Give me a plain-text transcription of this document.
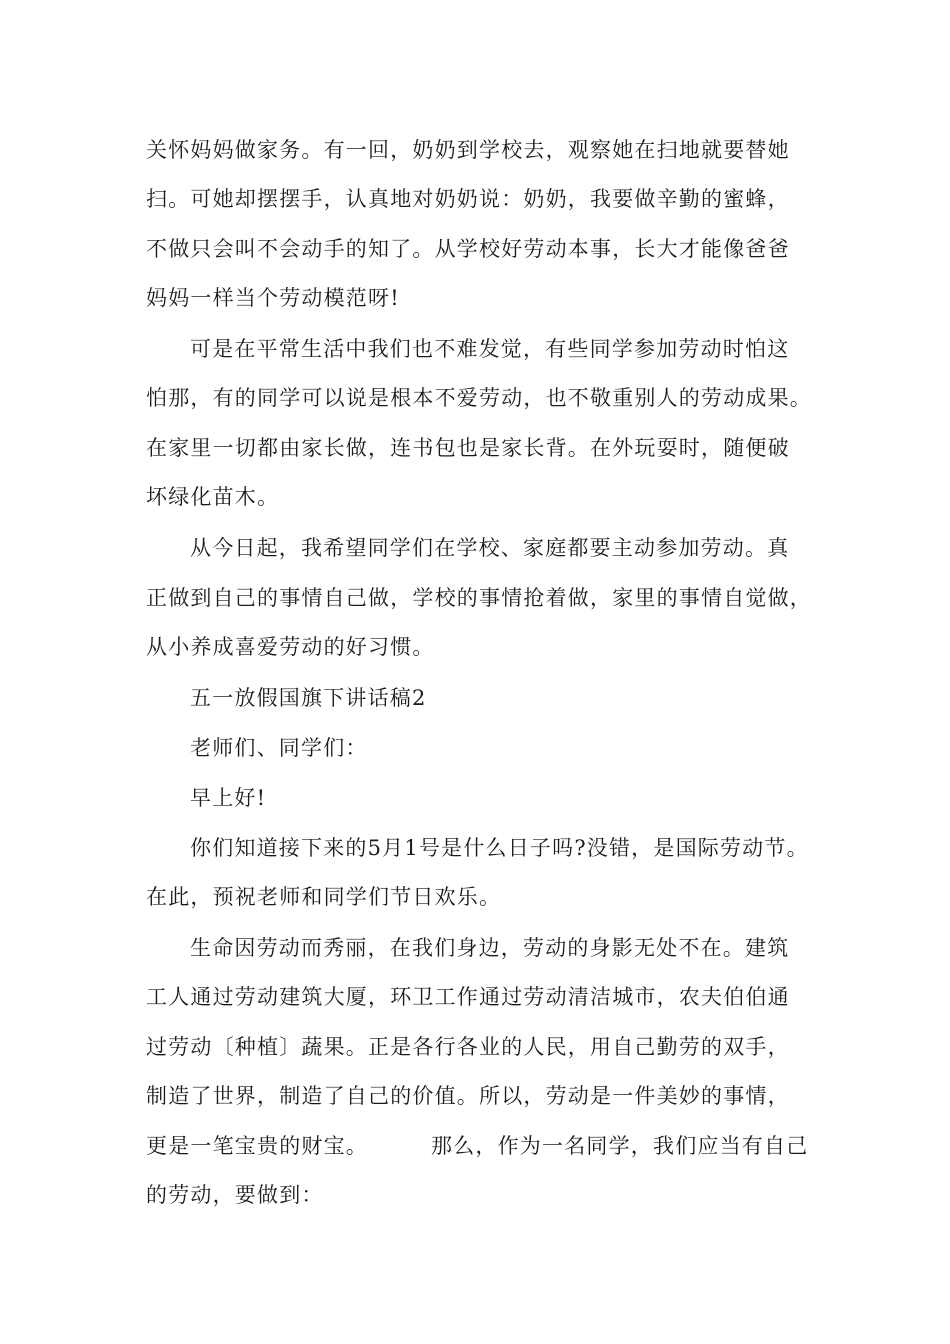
关怀妈妈做家务。有一回，奶奶到学校去，观察她在扫地就要替她
扫。可她却摆摆手，认真地对奶奶说：奶奶，我要做辛勤的蜜蜂，
不做只会叫不会动手的知了。从学校好劳动本事，长大才能像爸爸
妈妈一样当个劳动模范呀!
可是在平常生活中我们也不难发觉，有些同学参加劳动时怕这
怕那，有的同学可以说是根本不爱劳动，也不敬重别人的劳动成果。
在家里一切都由家长做，连书包也是家长背。在外玩耍时，随便破
坏绿化苗木。
从今日起，我希望同学们在学校、家庭都要主动参加劳动。真
正做到自己的事情自己做，学校的事情抢着做，家里的事情自觉做，
从小养成喜爱劳动的好习惯。
五一放假国旗下讲话稿2
老师们、同学们：
早上好!
你们知道接下来的5月1号是什么日子吗?没错，是国际劳动节。
在此，预祝老师和同学们节日欢乐。
生命因劳动而秀丽，在我们身边，劳动的身影无处不在。建筑
工人通过劳动建筑大厦，环卫工作通过劳动清洁城市，农夫伯伯通
过劳动〔种植〕蔬果。正是各行各业的人民，用自己勤劳的双手，
制造了世界，制造了自己的价值。所以，劳动是一件美妙的事情，
更是一笔宝贵的财宝。        那么，作为一名同学，我们应当有自己
的劳动，要做到：
